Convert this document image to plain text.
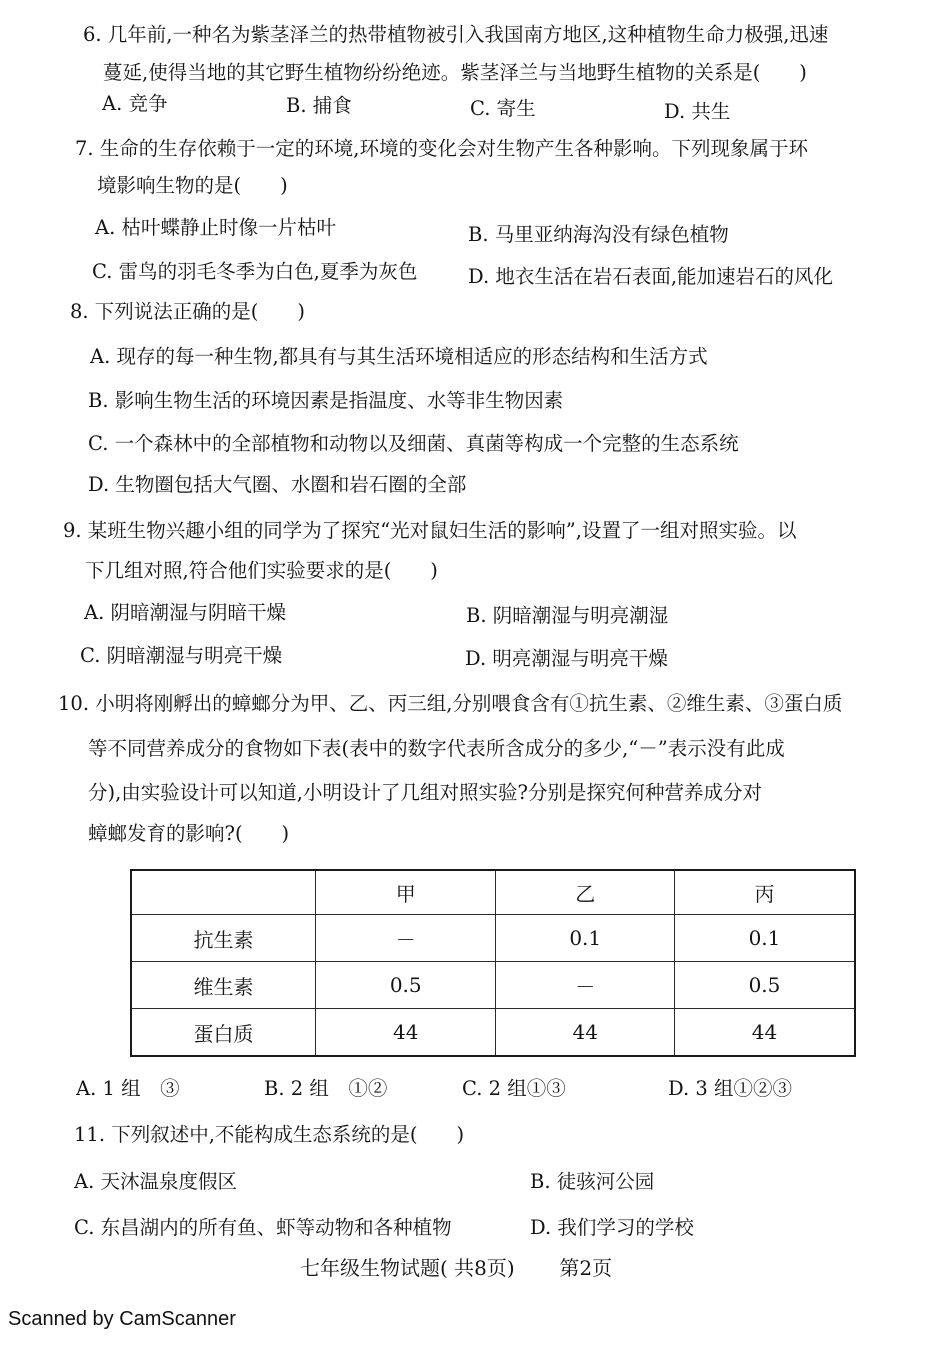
6. 几年前,一种名为紫茎泽兰的热带植物被引入我国南方地区,这种植物生命力极强,迅速
蔓延,使得当地的其它野生植物纷纷绝迹。紫茎泽兰与当地野生植物的关系是(　　)
A. 竞争	B. 捕食	C. 寄生	D. 共生
7. 生命的生存依赖于一定的环境,环境的变化会对生物产生各种影响。下列现象属于环
境影响生物的是(　　)
A. 枯叶蝶静止时像一片枯叶	B. 马里亚纳海沟没有绿色植物
C. 雷鸟的羽毛冬季为白色,夏季为灰色	D. 地衣生活在岩石表面,能加速岩石的风化
8. 下列说法正确的是(　　)
A. 现存的每一种生物,都具有与其生活环境相适应的形态结构和生活方式
B. 影响生物生活的环境因素是指温度、水等非生物因素
C. 一个森林中的全部植物和动物以及细菌、真菌等构成一个完整的生态系统
D. 生物圈包括大气圈、水圈和岩石圈的全部
9. 某班生物兴趣小组的同学为了探究“光对鼠妇生活的影响”,设置了一组对照实验。以
下几组对照,符合他们实验要求的是(　　)
A. 阴暗潮湿与阴暗干燥	B. 阴暗潮湿与明亮潮湿
C. 阴暗潮湿与明亮干燥	D. 明亮潮湿与明亮干燥
10. 小明将刚孵出的蟑螂分为甲、乙、丙三组,分别喂食含有①抗生素、②维生素、③蛋白质
等不同营养成分的食物如下表(表中的数字代表所含成分的多少,“－”表示没有此成
分),由实验设计可以知道,小明设计了几组对照实验?分别是探究何种营养成分对
蟑螂发育的影响?(　　)
	甲	乙	丙
抗生素	－	0.1	0.1
维生素	0.5	－	0.5
蛋白质	44	44	44
A. 1 组　③	B. 2 组　①②	C. 2 组①③	D. 3 组①②③
11. 下列叙述中,不能构成生态系统的是(　　)
A. 天沐温泉度假区	B. 徒骇河公园
C. 东昌湖内的所有鱼、虾等动物和各种植物	D. 我们学习的学校
七年级生物试题( 共8页) 第2页
Scanned by CamScanner
